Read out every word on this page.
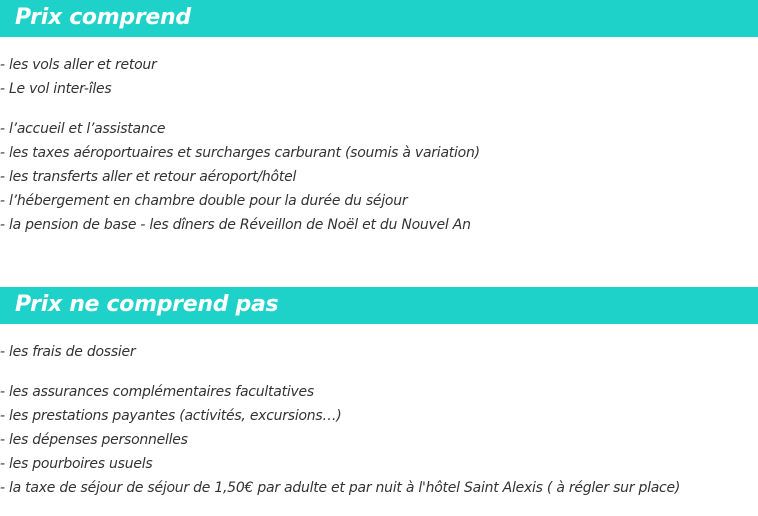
Prix comprend

- les vols aller et retour

- Le vol inter-îles

- l’accueil et l’assistance

- les taxes aéroportuaires et surcharges carburant (soumis à variation)

- les transferts aller et retour aéroport/hôtel

- l’hébergement en chambre double pour la durée du séjour

- la pension de base - les dîners de Réveillon de Noël et du Nouvel An

Prix ne comprend pas

- les frais de dossier

- les assurances complémentaires facultatives

- les prestations payantes (activités, excursions…)

- les dépenses personnelles

- les pourboires usuels

- la taxe de séjour de séjour de 1,50€ par adulte et par nuit à l'hôtel Saint Alexis ( à régler sur place)
